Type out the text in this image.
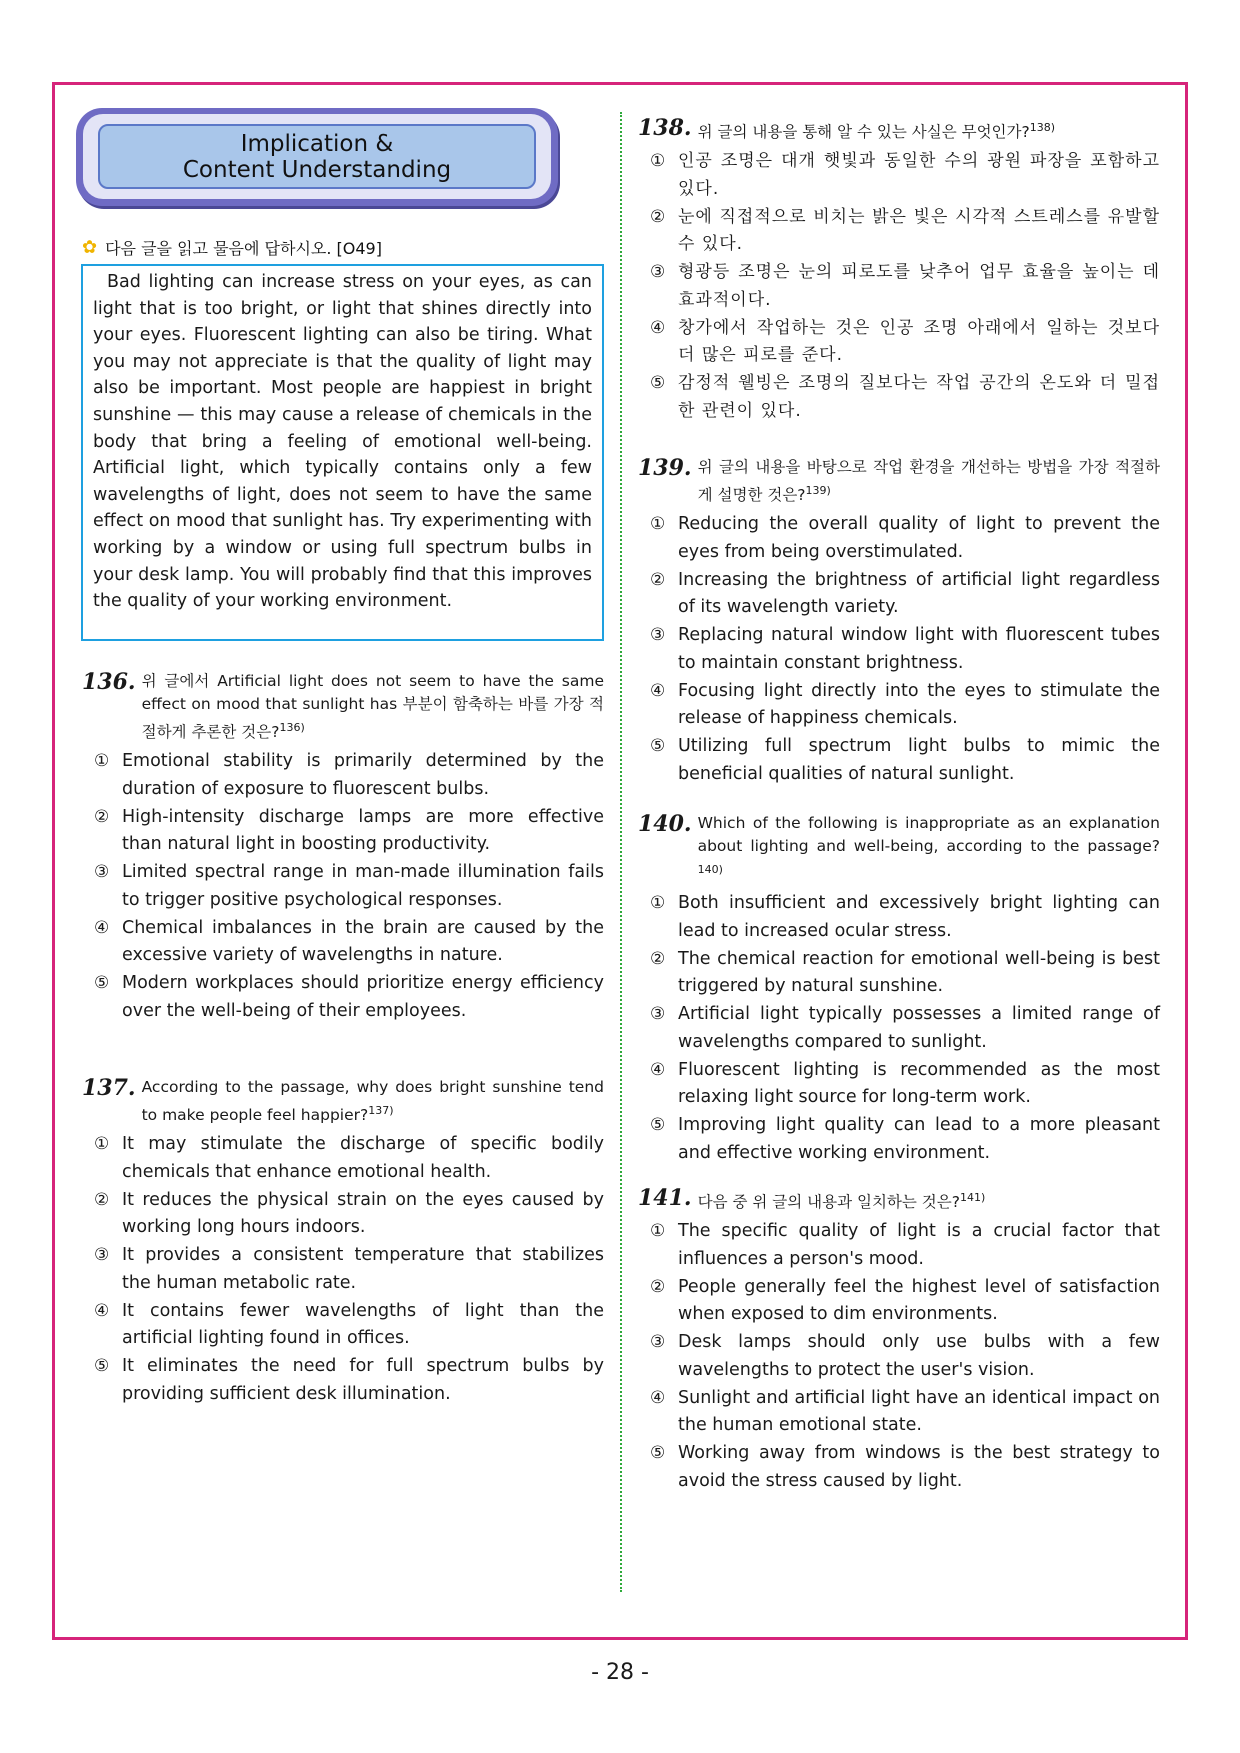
Implication &
Content Understanding
✿ 다음 글을 읽고 물음에 답하시오. [O49]
Bad lighting can increase stress on your eyes, as can light that is too bright, or light that shines directly into your eyes. Fluorescent lighting can also be tiring. What you may not appreciate is that the quality of light may also be important. Most people are happiest in bright sunshine — this may cause a release of chemicals in the body that bring a feeling of emotional well-being. Artificial light, which typically contains only a few wavelengths of light, does not seem to have the same effect on mood that sunlight has. Try experimenting with working by a window or using full spectrum bulbs in your desk lamp. You will probably find that this improves the quality of your working environment.
136. 위 글에서 Artificial light does not seem to have the same effect on mood that sunlight has 부분이 함축하는 바를 가장 적절하게 추론한 것은?$^{136)}$
① Emotional stability is primarily determined by the duration of exposure to fluorescent bulbs.
② High-intensity discharge lamps are more effective than natural light in boosting productivity.
③ Limited spectral range in man-made illumination fails to trigger positive psychological responses.
④ Chemical imbalances in the brain are caused by the excessive variety of wavelengths in nature.
⑤ Modern workplaces should prioritize energy efficiency over the well-being of their employees.
137. According to the passage, why does bright sunshine tend to make people feel happier?$^{137)}$
① It may stimulate the discharge of specific bodily chemicals that enhance emotional health.
② It reduces the physical strain on the eyes caused by working long hours indoors.
③ It provides a consistent temperature that stabilizes the human metabolic rate.
④ It contains fewer wavelengths of light than the artificial lighting found in offices.
⑤ It eliminates the need for full spectrum bulbs by providing sufficient desk illumination.
138. 위 글의 내용을 통해 알 수 있는 사실은 무엇인가?$^{138)}$
① 인공 조명은 대개 햇빛과 동일한 수의 광원 파장을 포함하고 있다.
② 눈에 직접적으로 비치는 밝은 빛은 시각적 스트레스를 유발할 수 있다.
③ 형광등 조명은 눈의 피로도를 낮추어 업무 효율을 높이는 데 효과적이다.
④ 창가에서 작업하는 것은 인공 조명 아래에서 일하는 것보다 더 많은 피로를 준다.
⑤ 감정적 웰빙은 조명의 질보다는 작업 공간의 온도와 더 밀접한 관련이 있다.
139. 위 글의 내용을 바탕으로 작업 환경을 개선하는 방법을 가장 적절하게 설명한 것은?$^{139)}$
① Reducing the overall quality of light to prevent the eyes from being overstimulated.
② Increasing the brightness of artificial light regardless of its wavelength variety.
③ Replacing natural window light with fluorescent tubes to maintain constant brightness.
④ Focusing light directly into the eyes to stimulate the release of happiness chemicals.
⑤ Utilizing full spectrum light bulbs to mimic the beneficial qualities of natural sunlight.
140. Which of the following is inappropriate as an explanation about lighting and well-being, according to the passage?$^{140)}$
① Both insufficient and excessively bright lighting can lead to increased ocular stress.
② The chemical reaction for emotional well-being is best triggered by natural sunshine.
③ Artificial light typically possesses a limited range of wavelengths compared to sunlight.
④ Fluorescent lighting is recommended as the most relaxing light source for long-term work.
⑤ Improving light quality can lead to a more pleasant and effective working environment.
141. 다음 중 위 글의 내용과 일치하는 것은?$^{141)}$
① The specific quality of light is a crucial factor that influences a person's mood.
② People generally feel the highest level of satisfaction when exposed to dim environments.
③ Desk lamps should only use bulbs with a few wavelengths to protect the user's vision.
④ Sunlight and artificial light have an identical impact on the human emotional state.
⑤ Working away from windows is the best strategy to avoid the stress caused by light.
- 28 -
